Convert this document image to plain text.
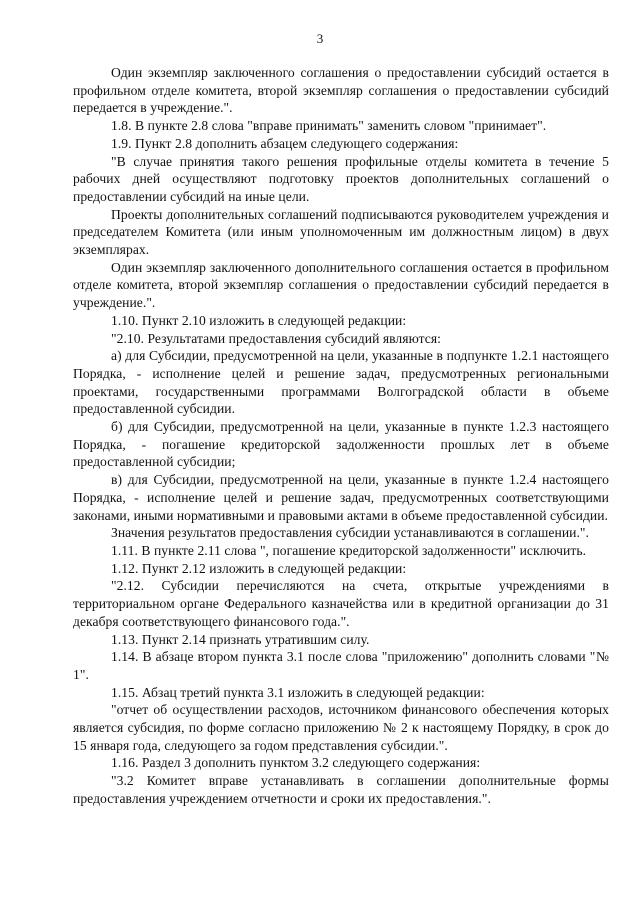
3

Один экземпляр заключенного соглашения о предоставлении субсидий остается в профильном отделе комитета, второй экземпляр соглашения о предоставлении субсидий передается в учреждение.".

1.8. В пункте 2.8 слова "вправе принимать" заменить словом "принимает".

1.9. Пункт 2.8 дополнить абзацем следующего содержания:

"В случае принятия такого решения профильные отделы комитета в течение 5 рабочих дней осуществляют подготовку проектов дополнительных соглашений о предоставлении субсидий на иные цели.

Проекты дополнительных соглашений подписываются руководителем учреждения и председателем Комитета (или иным уполномоченным им должностным лицом) в двух экземплярах.

Один экземпляр заключенного дополнительного соглашения остается в профильном отделе комитета, второй экземпляр соглашения о предоставлении субсидий передается в учреждение.".

1.10. Пункт 2.10 изложить в следующей редакции:

"2.10. Результатами предоставления субсидий являются:

а) для Субсидии, предусмотренной на цели, указанные в подпункте 1.2.1 настоящего Порядка, - исполнение целей и решение задач, предусмотренных региональными проектами, государственными программами Волгоградской области в объеме предоставленной субсидии.

б) для Субсидии, предусмотренной на цели, указанные в пункте 1.2.3 настоящего Порядка, - погашение кредиторской задолженности прошлых лет в объеме предоставленной субсидии;

в) для Субсидии, предусмотренной на цели, указанные в пункте 1.2.4 настоящего Порядка, - исполнение целей и решение задач, предусмотренных соответствующими законами, иными нормативными и правовыми актами в объеме предоставленной субсидии.

Значения результатов предоставления субсидии устанавливаются в соглашении.".

1.11. В пункте 2.11 слова ", погашение кредиторской задолженности" исключить.

1.12. Пункт 2.12 изложить в следующей редакции:

"2.12. Субсидии перечисляются на счета, открытые учреждениями в территориальном органе Федерального казначейства или в кредитной организации до 31 декабря соответствующего финансового года.".

1.13. Пункт 2.14 признать утратившим силу.

1.14. В абзаце втором пункта 3.1 после слова "приложению" дополнить словами "№ 1".

1.15. Абзац третий пункта 3.1 изложить в следующей редакции:

"отчет об осуществлении расходов, источником финансового обеспечения которых является субсидия, по форме согласно приложению № 2 к настоящему Порядку, в срок до 15 января года, следующего за годом представления субсидии.".

1.16. Раздел 3 дополнить пунктом 3.2 следующего содержания:

"3.2 Комитет вправе устанавливать в соглашении дополнительные формы предоставления учреждением отчетности и сроки их предоставления.".
